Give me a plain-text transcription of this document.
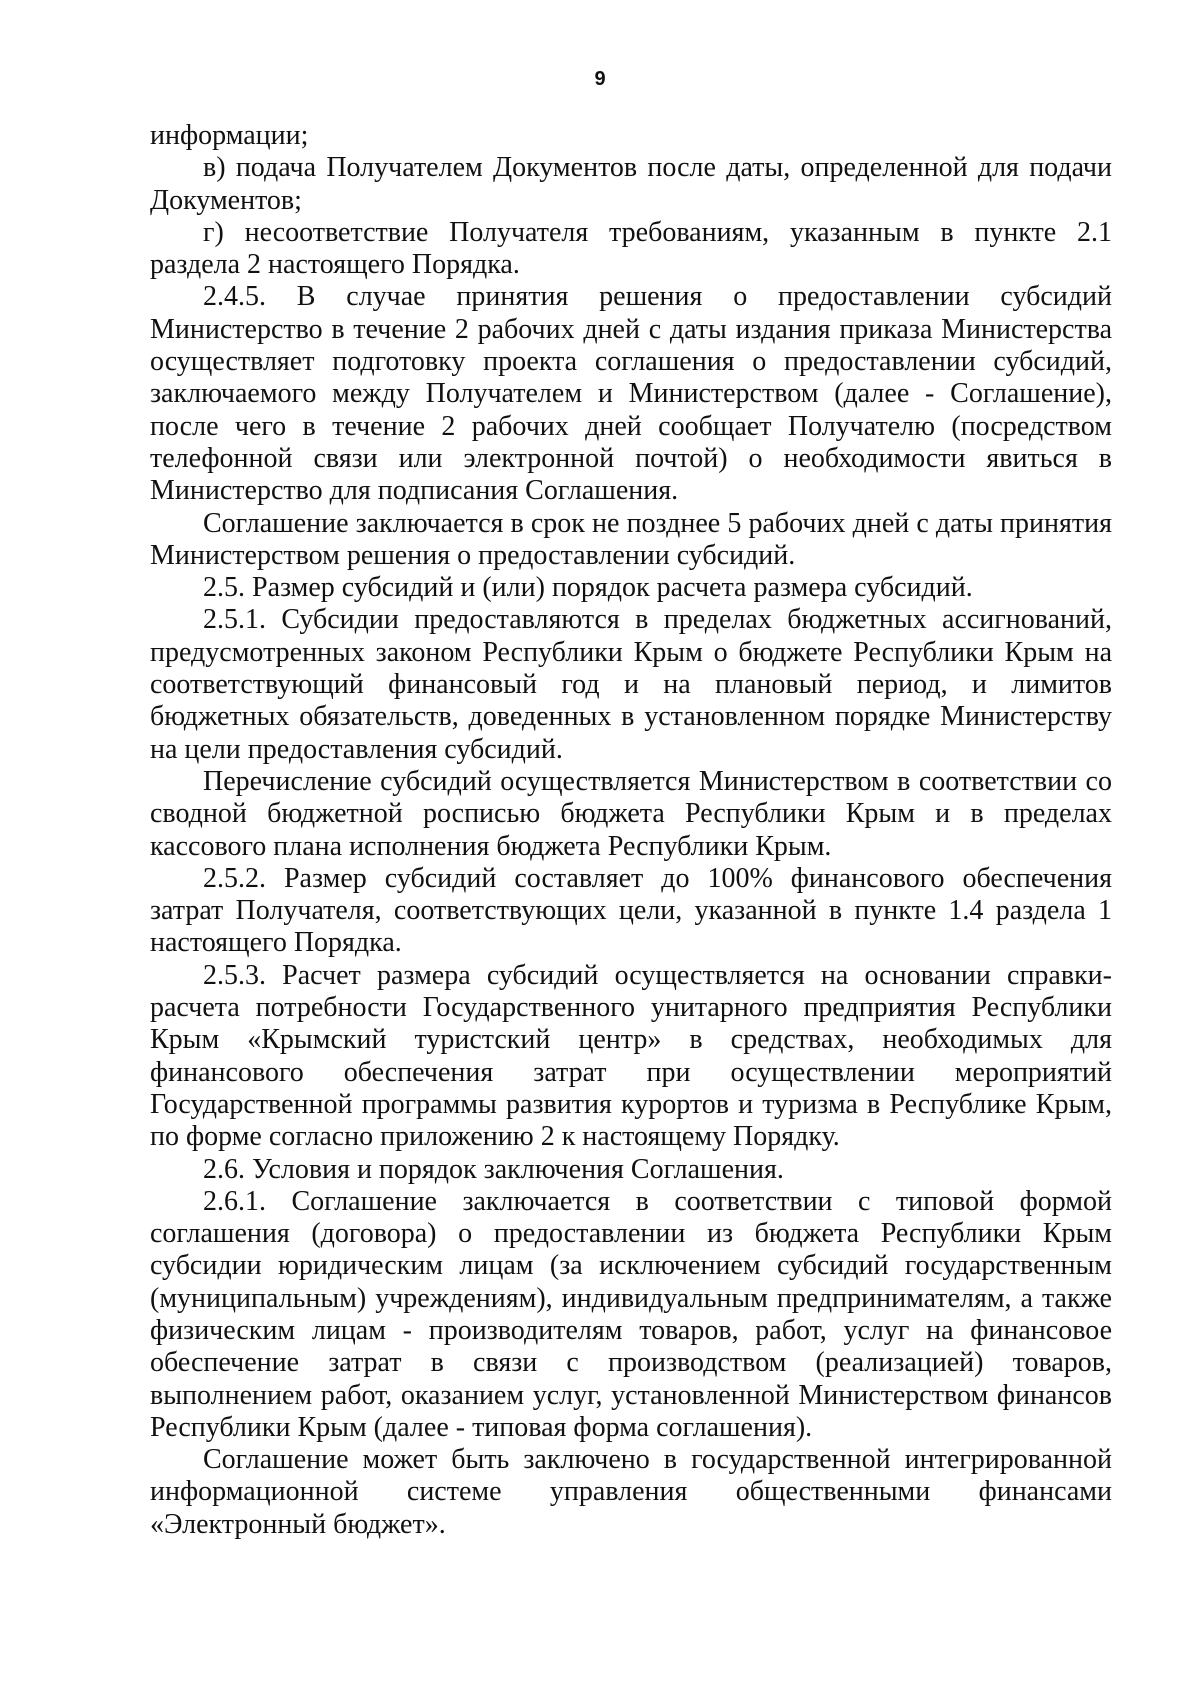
9

информации;

в) подача Получателем Документов после даты, определенной для подачи Документов;

г) несоответствие Получателя требованиям, указанным в пункте 2.1 раздела 2 настоящего Порядка.

2.4.5. В случае принятия решения о предоставлении субсидий Министерство в течение 2 рабочих дней с даты издания приказа Министерства осуществляет подготовку проекта соглашения о предоставлении субсидий, заключаемого между Получателем и Министерством (далее - Соглашение), после чего в течение 2 рабочих дней сообщает Получателю (посредством телефонной связи или электронной почтой) о необходимости явиться в Министерство для подписания Соглашения.

Соглашение заключается в срок не позднее 5 рабочих дней с даты принятия Министерством решения о предоставлении субсидий.

2.5. Размер субсидий и (или) порядок расчета размера субсидий.

2.5.1. Субсидии предоставляются в пределах бюджетных ассигнований, предусмотренных законом Республики Крым о бюджете Республики Крым на соответствующий финансовый год и на плановый период, и лимитов бюджетных обязательств, доведенных в установленном порядке Министерству на цели предоставления субсидий.

Перечисление субсидий осуществляется Министерством в соответствии со сводной бюджетной росписью бюджета Республики Крым и в пределах кассового плана исполнения бюджета Республики Крым.

2.5.2. Размер субсидий составляет до 100% финансового обеспечения затрат Получателя, соответствующих цели, указанной в пункте 1.4 раздела 1 настоящего Порядка.

2.5.3. Расчет размера субсидий осуществляется на основании справки-расчета потребности Государственного унитарного предприятия Республики Крым «Крымский туристский центр» в средствах, необходимых для финансового обеспечения затрат при осуществлении мероприятий Государственной программы развития курортов и туризма в Республике Крым, по форме согласно приложению 2 к настоящему Порядку.

2.6. Условия и порядок заключения Соглашения.

2.6.1. Соглашение заключается в соответствии с типовой формой соглашения (договора) о предоставлении из бюджета Республики Крым субсидии юридическим лицам (за исключением субсидий государственным (муниципальным) учреждениям), индивидуальным предпринимателям, а также физическим лицам - производителям товаров, работ, услуг на финансовое обеспечение затрат в связи с производством (реализацией) товаров, выполнением работ, оказанием услуг, установленной Министерством финансов Республики Крым (далее - типовая форма соглашения).

Соглашение может быть заключено в государственной интегрированной информационной системе управления общественными финансами «Электронный бюджет».
